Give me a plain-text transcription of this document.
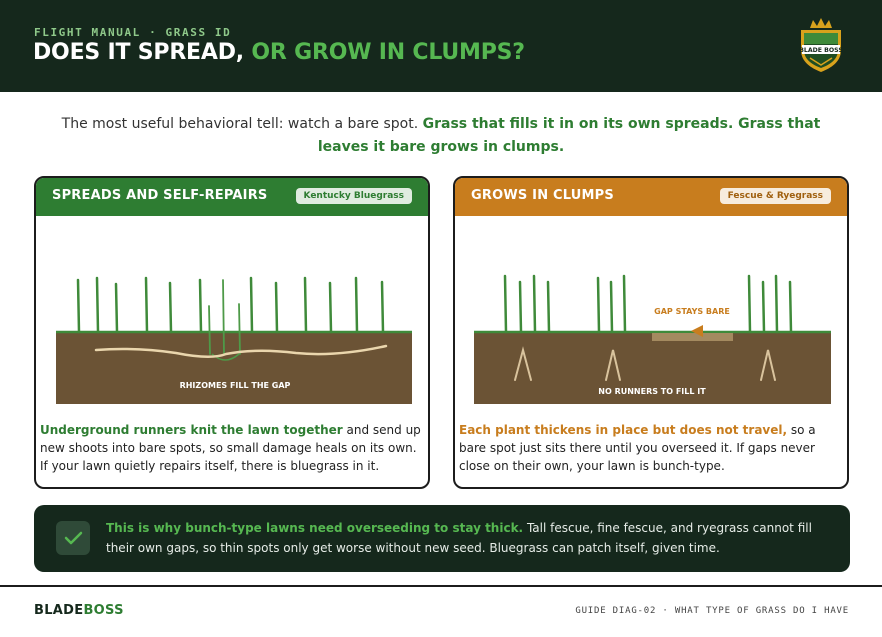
FLIGHT MANUAL · GRASS ID
DOES IT SPREAD, OR GROW IN CLUMPS?	BLADE BOSS
The most useful behavioral tell: watch a bare spot. Grass that fills it in on its own spreads. Grass that leaves it bare grows in clumps.
SPREADS AND SELF-REPAIRS	Kentucky Bluegrass
RHIZOMES FILL THE GAP
Underground runners knit the lawn together and send up new shoots into bare spots, so small damage heals on its own. If your lawn quietly repairs itself, there is bluegrass in it.
GROWS IN CLUMPS	Fescue & Ryegrass
GAP STAYS BARE
NO RUNNERS TO FILL IT
Each plant thickens in place but does not travel, so a bare spot just sits there until you overseed it. If gaps never close on their own, your lawn is bunch-type.
This is why bunch-type lawns need overseeding to stay thick. Tall fescue, fine fescue, and ryegrass cannot fill their own gaps, so thin spots only get worse without new seed. Bluegrass can patch itself, given time.
BLADEBOSS	GUIDE DIAG-02 · WHAT TYPE OF GRASS DO I HAVE
